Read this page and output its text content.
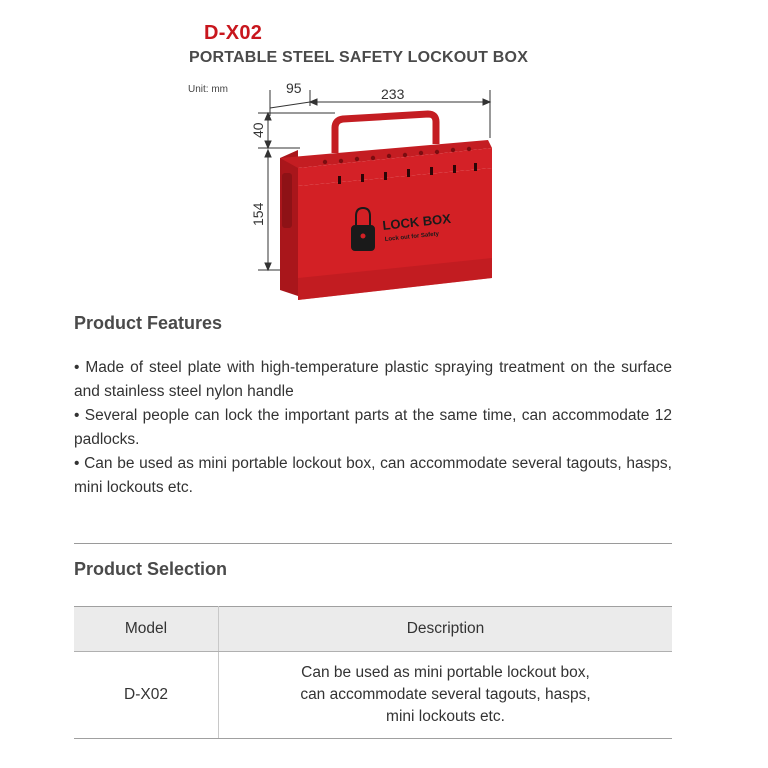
D-X02
PORTABLE STEEL SAFETY LOCKOUT BOX
Unit: mm	95	233
40
154	LOCK BOX
Lock out for Safety
Product Features

• Made of steel plate with high-temperature plastic spraying treatment on the surface and stainless steel nylon handle

• Several people can lock the important parts at the same time, can accommodate 12 padlocks.

• Can be used as mini portable lockout box, can accommodate several tagouts, hasps, mini lockouts etc.

Product Selection
Model	Description
D-X02	Can be used as mini portable lockout box,
can accommodate several tagouts, hasps,
mini lockouts etc.
